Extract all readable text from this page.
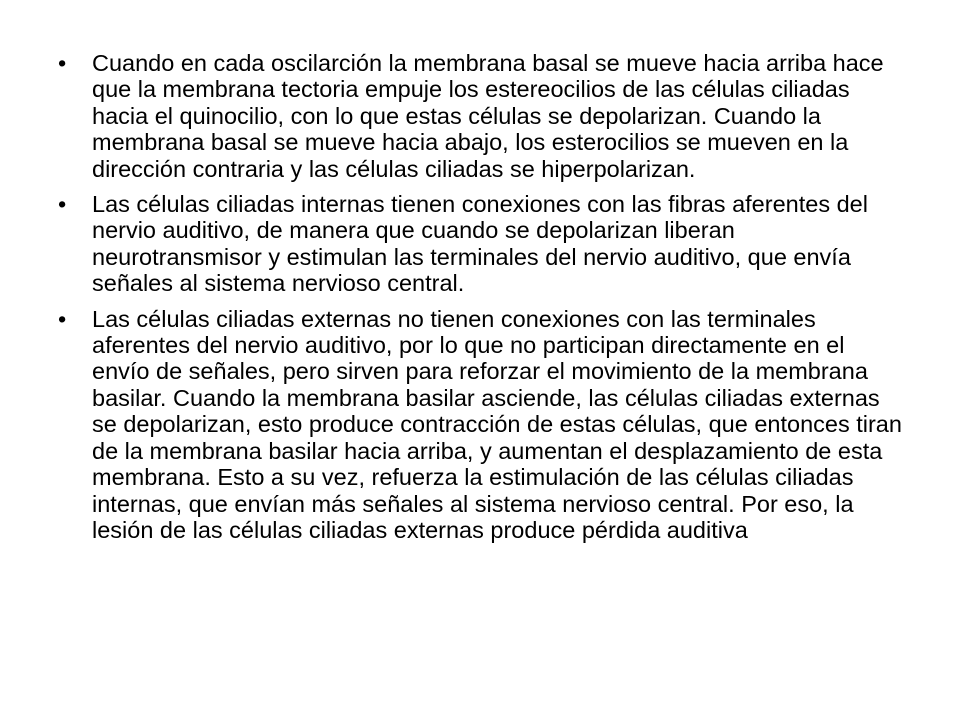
• Cuando en cada oscilarción la membrana basal se mueve hacia arriba hace que la membrana tectoria empuje los estereocilios de las células ciliadas hacia el quinocilio, con lo que estas células se depolarizan. Cuando la membrana basal se mueve hacia abajo, los esterocilios se mueven en la dirección contraria y las células ciliadas se hiperpolarizan.
• Las células ciliadas internas tienen conexiones con las fibras aferentes del nervio auditivo, de manera que cuando se depolarizan liberan neurotransmisor y estimulan las terminales del nervio auditivo, que envía señales al sistema nervioso central.
• Las células ciliadas externas no tienen conexiones con las terminales aferentes del nervio auditivo, por lo que no participan directamente en el envío de señales, pero sirven para reforzar el movimiento de la membrana basilar. Cuando la membrana basilar asciende, las células ciliadas externas se depolarizan, esto produce contracción de estas células, que entonces tiran de la membrana basilar hacia arriba, y aumentan el desplazamiento de esta membrana. Esto a su vez, refuerza la estimulación de las células ciliadas internas, que envían más señales al sistema nervioso central. Por eso, la lesión de las células ciliadas externas produce pérdida auditiva
